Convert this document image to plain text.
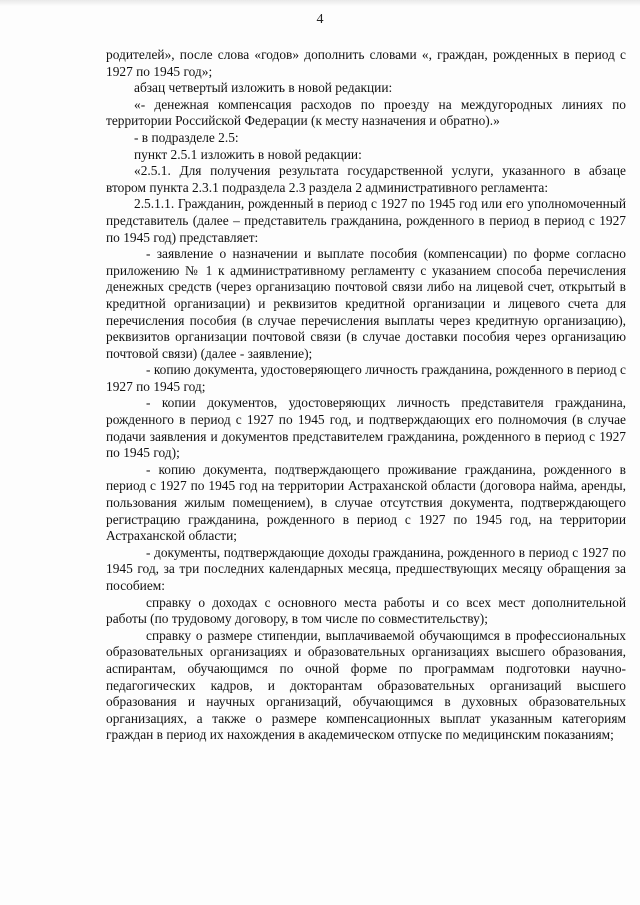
4

родителей», после слова «годов» дополнить словами «, граждан, рожденных в период с 1927 по 1945 год»;

абзац четвертый изложить в новой редакции:

«- денежная компенсация расходов по проезду на междугородных линиях по территории Российской Федерации (к месту назначения и обратно).»

- в подразделе 2.5:

пункт 2.5.1 изложить в новой редакции:

«2.5.1. Для получения результата государственной услуги, указанного в абзаце втором пункта 2.3.1 подраздела 2.3 раздела 2 административного регламента:

2.5.1.1. Гражданин, рожденный в период с 1927 по 1945 год или его уполномоченный представитель (далее – представитель гражданина, рожденного в период в период с 1927 по 1945 год) представляет:

- заявление о назначении и выплате пособия (компенсации) по форме согласно приложению № 1 к административному регламенту с указанием способа перечисления денежных средств (через организацию почтовой связи либо на лицевой счет, открытый в кредитной организации) и реквизитов кредитной организации и лицевого счета для перечисления пособия (в случае перечисления выплаты через кредитную организацию), реквизитов организации почтовой связи (в случае доставки пособия через организацию почтовой связи) (далее - заявление);

- копию документа, удостоверяющего личность гражданина, рожденного в период с 1927 по 1945 год;

- копии документов, удостоверяющих личность представителя гражданина, рожденного в период с 1927 по 1945 год, и подтверждающих его полномочия (в случае подачи заявления и документов представителем гражданина, рожденного в период с 1927 по 1945 год);

- копию документа, подтверждающего проживание гражданина, рожденного в период с 1927 по 1945 год на территории Астраханской области (договора найма, аренды, пользования жилым помещением), в случае отсутствия документа, подтверждающего регистрацию гражданина, рожденного в период с 1927 по 1945 год, на территории Астраханской области;

- документы, подтверждающие доходы гражданина, рожденного в период с 1927 по 1945 год, за три последних календарных месяца, предшествующих месяцу обращения за пособием:

справку о доходах с основного места работы и со всех мест дополнительной работы (по трудовому договору, в том числе по совместительству);

справку о размере стипендии, выплачиваемой обучающимся в профессиональных образовательных организациях и образовательных организациях высшего образования, аспирантам, обучающимся по очной форме по программам подготовки научно-педагогических кадров, и докторантам образовательных организаций высшего образования и научных организаций, обучающимся в духовных образовательных организациях, а также о размере компенсационных выплат указанным категориям граждан в период их нахождения в академическом отпуске по медицинским показаниям;
